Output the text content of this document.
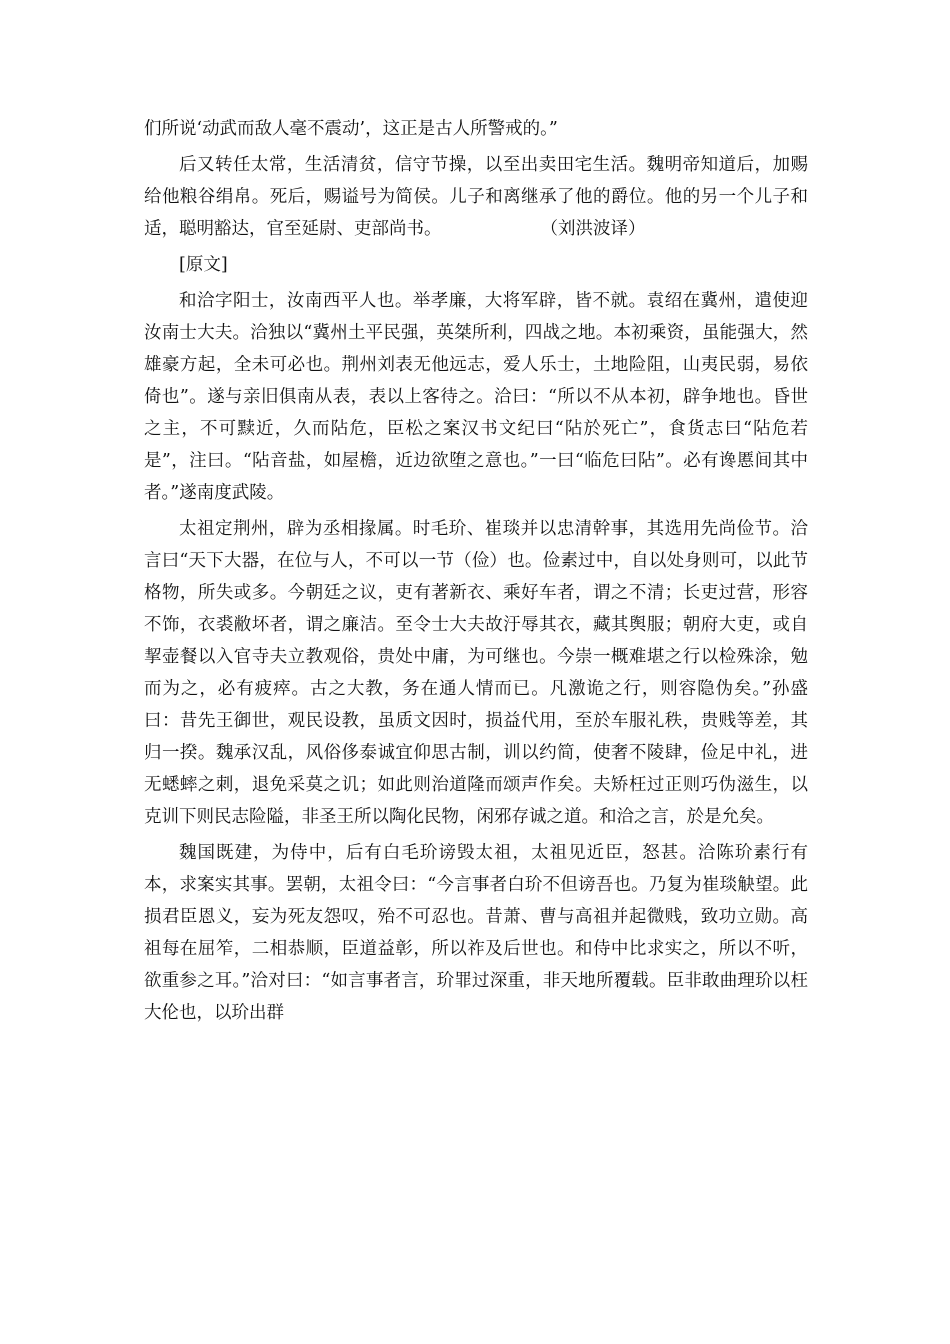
们所说‘动武而敌人毫不震动’，这正是古人所警戒的。”

后又转任太常，生活清贫，信守节操，以至出卖田宅生活。魏明帝知道后，加赐给他粮谷绢帛。死后，赐谥号为简侯。儿子和离继承了他的爵位。他的另一个儿子和适，聪明豁达，官至延尉、吏部尚书。	（刘洪波译）

[原文]

和洽字阳士，汝南西平人也。举孝廉，大将军辟，皆不就。袁绍在冀州，遣使迎汝南士大夫。洽独以“冀州土平民强，英桀所利，四战之地。本初乘资，虽能强大，然雄豪方起，全未可必也。荆州刘表无他远志，爱人乐士，土地险阻，山夷民弱，易依倚也”。遂与亲旧俱南从表，表以上客待之。洽曰：“所以不从本初，辟争地也。昏世之主，不可黩近，久而阽危，臣松之案汉书文纪曰“阽於死亡”，食货志曰“阽危若是”，注曰。“阽音盐，如屋檐，近边欲堕之意也。”一曰“临危曰阽”。必有谗慝间其中者。”遂南度武陵。

太祖定荆州，辟为丞相掾属。时毛玠、崔琰并以忠清幹事，其选用先尚俭节。洽言曰“天下大器，在位与人，不可以一节（俭）也。俭素过中，自以处身则可，以此节格物，所失或多。今朝廷之议，吏有著新衣、乘好车者，谓之不清；长吏过营，形容不饰，衣裘敝坏者，谓之廉洁。至令士大夫故汙辱其衣，藏其舆服；朝府大吏，或自挈壶餐以入官寺夫立教观俗，贵处中庸，为可继也。今崇一概难堪之行以检殊涂，勉而为之，必有疲瘁。古之大教，务在通人情而已。凡激诡之行，则容隐伪矣。”孙盛曰：昔先王御世，观民设教，虽质文因时，损益代用，至於车服礼秩，贵贱等差，其归一揆。魏承汉乱，风俗侈泰诚宜仰思古制，训以约简，使奢不陵肆，俭足中礼，进无蟋蟀之刺，退免采莫之讥；如此则治道隆而颂声作矣。夫矫枉过正则巧伪滋生，以克训下则民志险隘，非圣王所以陶化民物，闲邪存诚之道。和洽之言，於是允矣。

魏国既建，为侍中，后有白毛玠谤毁太祖，太祖见近臣，怒甚。洽陈玠素行有本，求案实其事。罢朝，太祖令曰：“今言事者白玠不但谤吾也。乃复为崔琰觖望。此损君臣恩义，妄为死友怨叹，殆不可忍也。昔萧、曹与高祖并起微贱，致功立勋。高祖每在屈笮，二相恭顺，臣道益彰，所以祚及后世也。和侍中比求实之，所以不听，欲重参之耳。”洽对曰：“如言事者言，玠罪过深重，非天地所覆载。臣非敢曲理玠以枉大伦也，以玠出群
